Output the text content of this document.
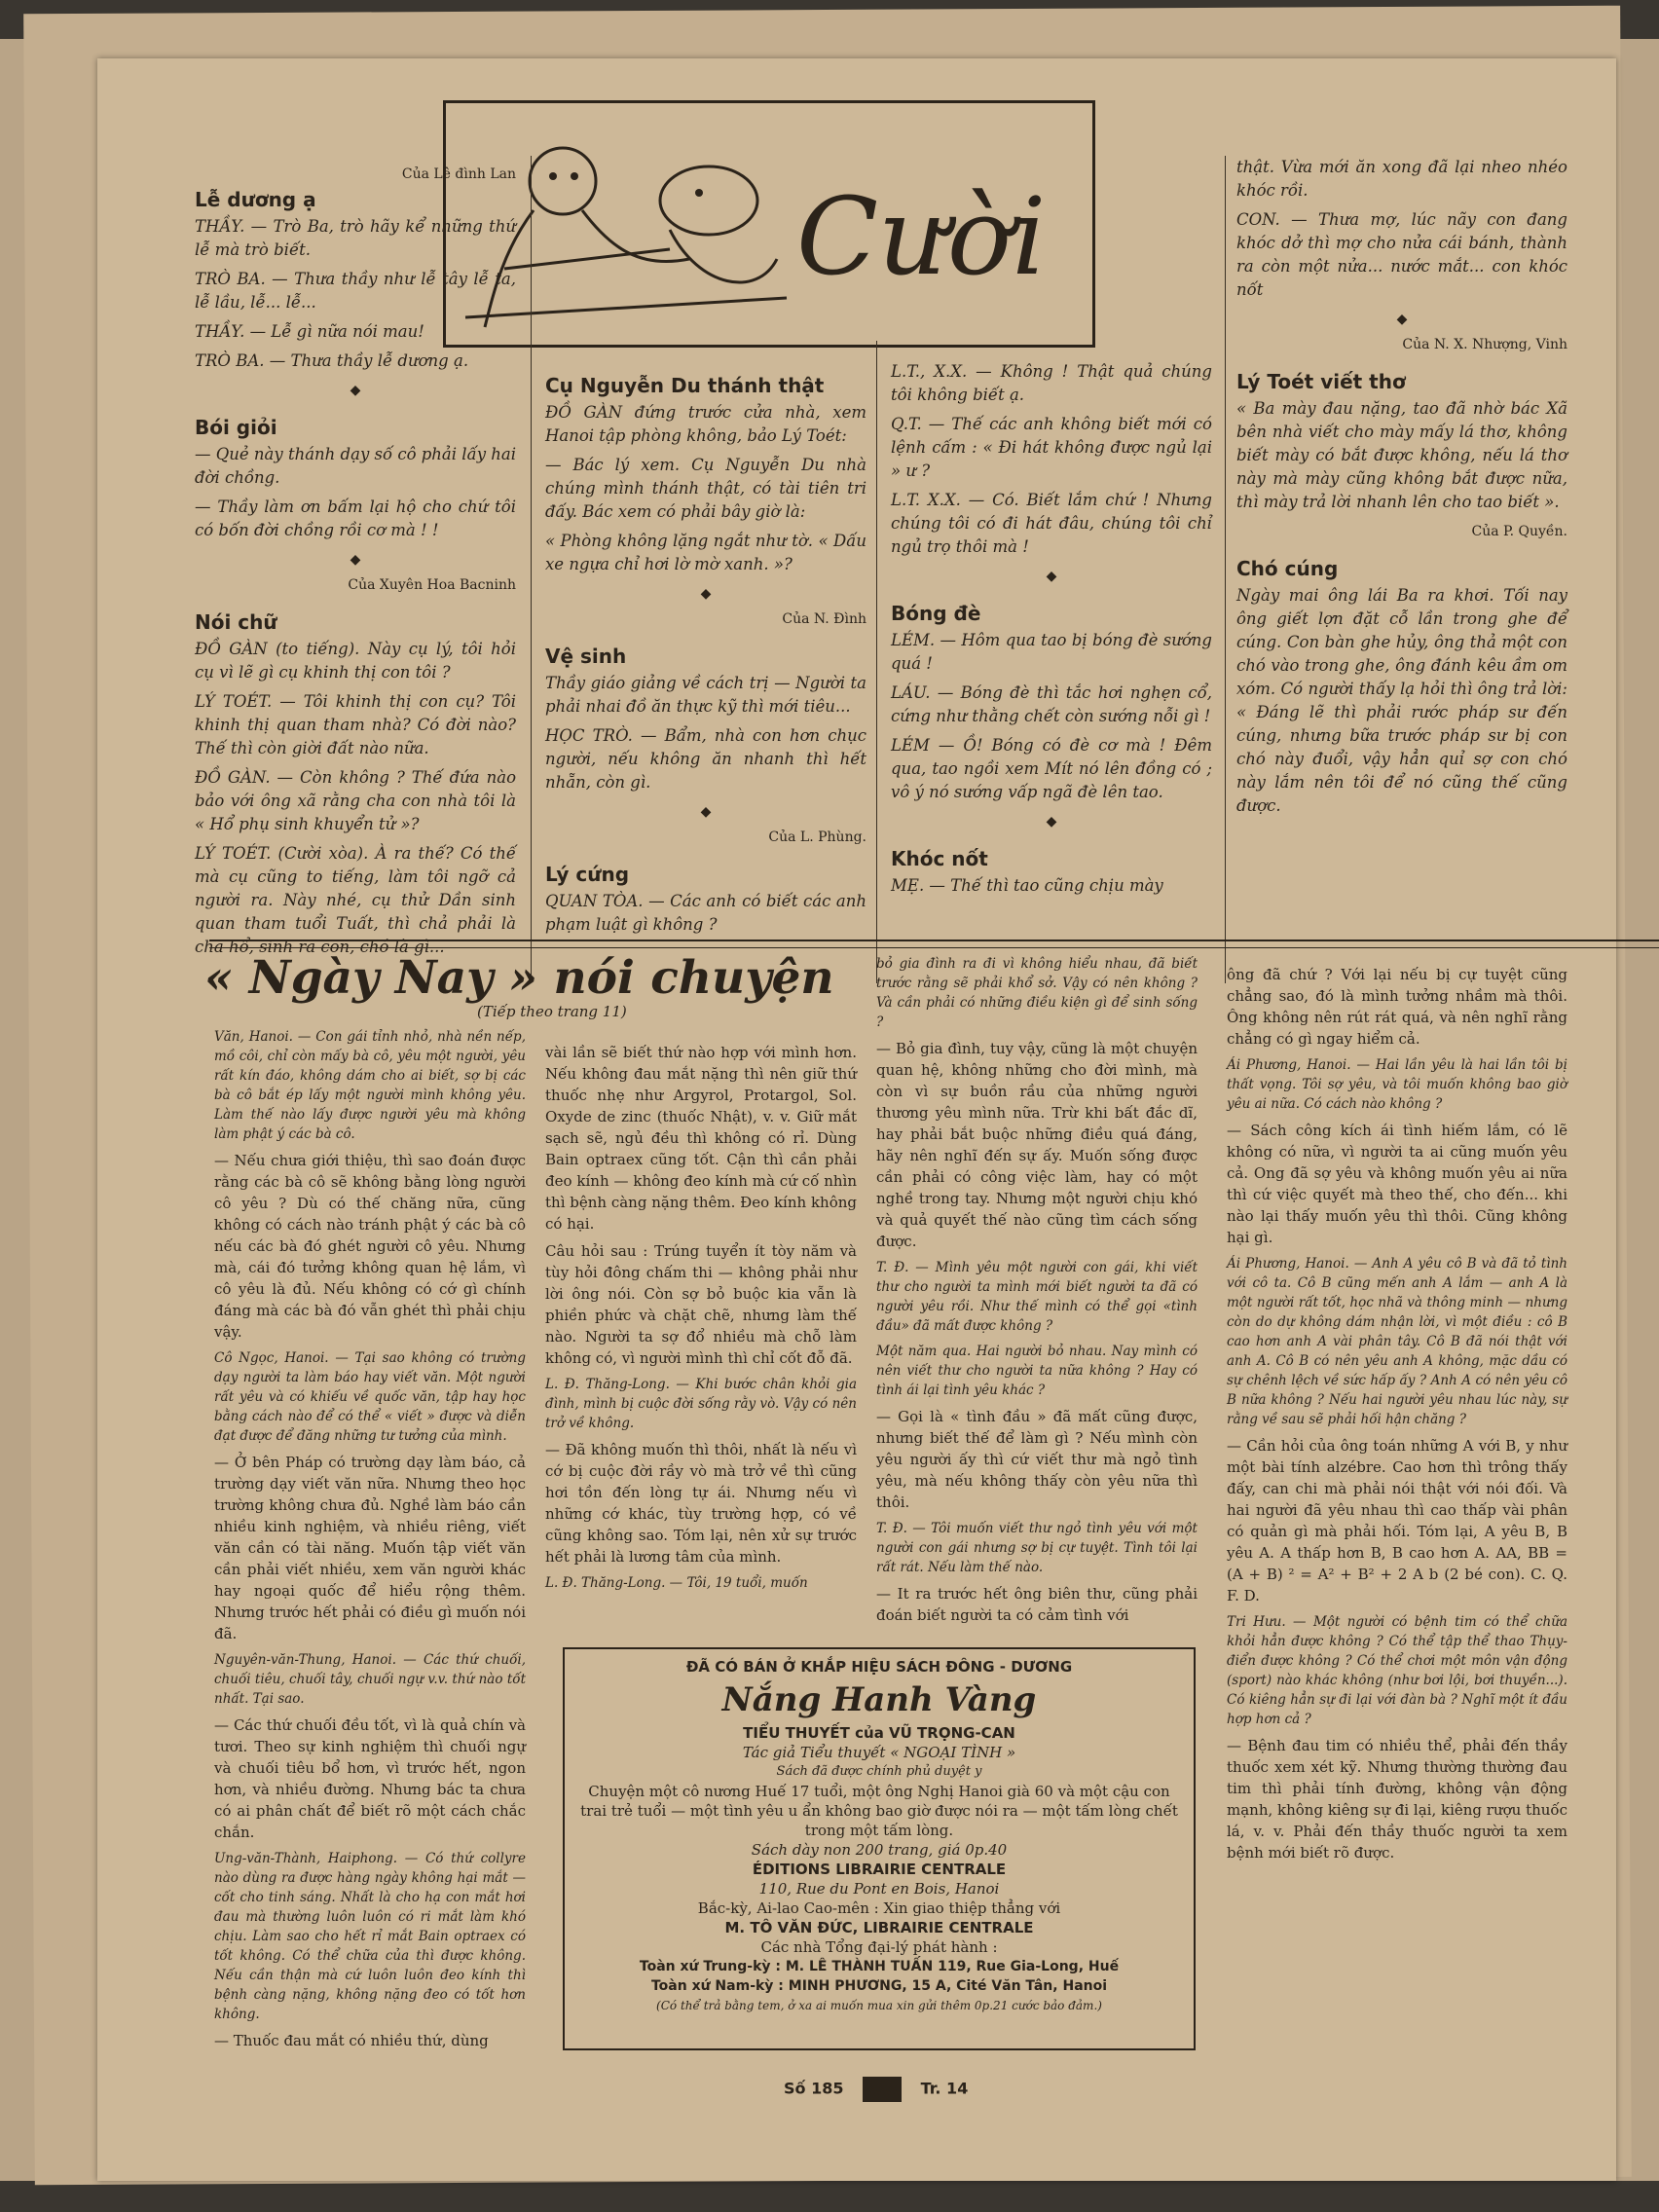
Của Lê đình Lan
Lễ dương ạ

THẦY. — Trò Ba, trò hãy kể những thứ lễ mà trò biết.

TRÒ BA. — Thưa thầy như lễ tây lễ ta, lễ lầu, lễ... lễ...

THẦY. — Lễ gì nữa nói mau!

TRÒ BA. — Thưa thầy lễ dương ạ.

◆
Bói giỏi

— Quẻ này thánh dạy số cô phải lấy hai đời chồng.

— Thầy làm ơn bấm lại hộ cho chứ tôi có bốn đời chồng rồi cơ mà ! !

◆
Của Xuyên Hoa Bacninh
Nói chữ

ĐỒ GÀN (to tiếng). Này cụ lý, tôi hỏi cụ vì lẽ gì cụ khinh thị con tôi ?

LÝ TOÉT. — Tôi khinh thị con cụ? Tôi khinh thị quan tham nhà? Có đời nào? Thế thì còn giời đất nào nữa.

ĐỒ GÀN. — Còn không ? Thế đứa nào bảo với ông xã rằng cha con nhà tôi là « Hổ phụ sinh khuyển tử »?

LÝ TOÉT. (Cười xòa). À ra thế? Có thế mà cụ cũng to tiếng, làm tôi ngỡ cả người ra. Này nhé, cụ thử Dần sinh quan tham tuổi Tuất, thì chả phải là cha hổ, sinh ra con, chó là gì...

Cười
Cụ Nguyễn Du thánh thật

ĐỒ GÀN đứng trước cửa nhà, xem Hanoi tập phòng không, bảo Lý Toét:

— Bác lý xem. Cụ Nguyễn Du nhà chúng mình thánh thật, có tài tiên tri đấy. Bác xem có phải bây giờ là:

« Phòng không lặng ngắt như tờ. « Dấu xe ngựa chỉ hơi lờ mờ xanh. »?

◆
Của N. Đình
Vệ sinh

Thầy giáo giảng về cách trị — Người ta phải nhai đồ ăn thực kỹ thì mới tiêu...

HỌC TRÒ. — Bẩm, nhà con hơn chục người, nếu không ăn nhanh thì hết nhẵn, còn gì.

◆
Của L. Phùng.
Lý cứng

QUAN TÒA. — Các anh có biết các anh phạm luật gì không ?

L.T., X.X. — Không ! Thật quả chúng tôi không biết ạ.

Q.T. — Thế các anh không biết mới có lệnh cấm : « Đi hát không được ngủ lại » ư ?

L.T. X.X. — Có. Biết lắm chứ ! Nhưng chúng tôi có đi hát đâu, chúng tôi chỉ ngủ trọ thôi mà !

◆
Bóng đè

LÉM. — Hôm qua tao bị bóng đè sướng quá !

LÁU. — Bóng đè thì tắc hơi nghẹn cổ, cứng như thằng chết còn sướng nỗi gì !

LÉM — Ồ! Bóng có đè cơ mà ! Đêm qua, tao ngồi xem Mít nó lên đồng có ; vô ý nó sướng vấp ngã đè lên tao.

◆
Khóc nốt

MẸ. — Thế thì tao cũng chịu mày

thật. Vừa mới ăn xong đã lại nheo nhéo khóc rồi.

CON. — Thưa mợ, lúc nãy con đang khóc dở thì mợ cho nửa cái bánh, thành ra còn một nửa... nước mắt... con khóc nốt

◆
Của N. X. Nhượng, Vinh
Lý Toét viết thơ

« Ba mày đau nặng, tao đã nhờ bác Xã bên nhà viết cho mày mấy lá thơ, không biết mày có bắt được không, nếu lá thơ này mà mày cũng không bắt được nữa, thì mày trả lời nhanh lên cho tao biết ».

Của P. Quyền.
Chó cúng

Ngày mai ông lái Ba ra khơi. Tối nay ông giết lợn đặt cỗ lần trong ghe để cúng. Con bàn ghe hủy, ông thả một con chó vào trong ghe, ông đánh kêu ầm om xóm. Có người thấy lạ hỏi thì ông trả lời: « Đáng lẽ thì phải rước pháp sư đến cúng, nhưng bữa trước pháp sư bị con chó này đuổi, vậy hẳn quỉ sợ con chó này lắm nên tôi để nó cũng thế cũng được.

« Ngày Nay » nói chuyện
(Tiếp theo trang 11)

Văn, Hanoi. — Con gái tỉnh nhỏ, nhà nền nếp, mồ côi, chỉ còn mấy bà cô, yêu một người, yêu rất kín đáo, không dám cho ai biết, sợ bị các bà cô bắt ép lấy một người mình không yêu. Làm thế nào lấy được người yêu mà không làm phật ý các bà cô.

— Nếu chưa giới thiệu, thì sao đoán được rằng các bà cô sẽ không bằng lòng người cô yêu ? Dù có thế chăng nữa, cũng không có cách nào tránh phật ý các bà cô nếu các bà đó ghét người cô yêu. Nhưng mà, cái đó tưởng không quan hệ lắm, vì cô yêu là đủ. Nếu không có cớ gì chính đáng mà các bà đó vẫn ghét thì phải chịu vậy.

Cô Ngọc, Hanoi. — Tại sao không có trường dạy người ta làm báo hay viết văn. Một người rất yêu và có khiếu về quốc văn, tập hay học bằng cách nào để có thể « viết » được và diễn đạt được để đăng những tư tưởng của mình.

— Ở bên Pháp có trường dạy làm báo, cả trường dạy viết văn nữa. Nhưng theo học trường không chưa đủ. Nghề làm báo cần nhiều kinh nghiệm, và nhiều riêng, viết văn cần có tài năng. Muốn tập viết văn cần phải viết nhiều, xem văn người khác hay ngoại quốc để hiểu rộng thêm. Nhưng trước hết phải có điều gì muốn nói đã.

Nguyên-văn-Thung, Hanoi. — Các thứ chuối, chuối tiêu, chuối tây, chuối ngự v.v. thứ nào tốt nhất. Tại sao.

— Các thứ chuối đều tốt, vì là quả chín và tươi. Theo sự kinh nghiệm thì chuối ngự và chuối tiêu bổ hơn, vì trước hết, ngon hơn, và nhiều đường. Nhưng bác ta chưa có ai phân chất để biết rõ một cách chắc chắn.

Ung-văn-Thành, Haiphong. — Có thứ collyre nào dùng ra được hàng ngày không hại mắt — cốt cho tinh sáng. Nhất là cho hạ con mắt hơi đau mà thường luôn luôn có ri mắt làm khó chịu. Làm sao cho hết rỉ mắt Bain optraex có tốt không. Có thể chữa của thì được không. Nếu cần thận mà cứ luôn luôn đeo kính thì bệnh càng nặng, không nặng đeo có tốt hơn không.

— Thuốc đau mắt có nhiều thứ, dùng

vài lần sẽ biết thứ nào hợp với mình hơn. Nếu không đau mắt nặng thì nên giữ thứ thuốc nhẹ như Argyrol, Protargol, Sol. Oxyde de zinc (thuốc Nhật), v. v. Giữ mắt sạch sẽ, ngủ đều thì không có rỉ. Dùng Bain optraex cũng tốt. Cận thì cần phải đeo kính — không đeo kính mà cứ cố nhìn thì bệnh càng nặng thêm. Đeo kính không có hại.

Câu hỏi sau : Trúng tuyển ít tòy năm và tùy hỏi đông chấm thi — không phải như lời ông nói. Còn sợ bỏ buộc kia vẫn là phiền phức và chặt chẽ, nhưng làm thế nào. Người ta sợ đổ nhiều mà chỗ làm không có, vì người mình thì chỉ cốt đỗ đã.

L. Đ. Thăng-Long. — Khi bước chân khỏi gia đình, mình bị cuộc đời sống rằy vò. Vậy có nên trở về không.

— Đã không muốn thì thôi, nhất là nếu vì cớ bị cuộc đời rầy vò mà trở về thì cũng hơi tồn đến lòng tự ái. Nhưng nếu vì những cớ khác, tùy trường hợp, có về cũng không sao. Tóm lại, nên xử sự trước hết phải là lương tâm của mình.

L. Đ. Thăng-Long. — Tôi, 19 tuổi, muốn

bỏ gia đình ra đi vì không hiểu nhau, đã biết trước rằng sẽ phải khổ sở. Vậy có nên không ? Và cần phải có những điều kiện gì để sinh sống ?

— Bỏ gia đình, tuy vậy, cũng là một chuyện quan hệ, không những cho đời mình, mà còn vì sự buồn rầu của những người thương yêu mình nữa. Trừ khi bất đắc dĩ, hay phải bắt buộc những điều quá đáng, hãy nên nghĩ đến sự ấy. Muốn sống được cần phải có công việc làm, hay có một nghề trong tay. Nhưng một người chịu khó và quả quyết thế nào cũng tìm cách sống được.

T. Đ. — Mình yêu một người con gái, khi viết thư cho người ta mình mới biết người ta đã có người yêu rồi. Như thế mình có thể gọi «tình đầu» đã mất được không ?

Một năm qua. Hai người bỏ nhau. Nay mình có nên viết thư cho người ta nữa không ? Hay có tình ái lại tình yêu khác ?

— Gọi là « tình đầu » đã mất cũng được, nhưng biết thế để làm gì ? Nếu mình còn yêu người ấy thì cứ viết thư mà ngỏ tình yêu, mà nếu không thấy còn yêu nữa thì thôi.

T. Đ. — Tôi muốn viết thư ngỏ tình yêu với một người con gái nhưng sợ bị cự tuyệt. Tình tôi lại rất rát. Nếu làm thế nào.

— It ra trước hết ông biên thư, cũng phải đoán biết người ta có cảm tình với

ông đã chứ ? Với lại nếu bị cự tuyệt cũng chẳng sao, đó là mình tưởng nhầm mà thôi. Ông không nên rút rát quá, và nên nghĩ rằng chẳng có gì ngay hiểm cả.

Ái Phương, Hanoi. — Hai lần yêu là hai lần tôi bị thất vọng. Tôi sợ yêu, và tôi muốn không bao giờ yêu ai nữa. Có cách nào không ?

— Sách công kích ái tình hiếm lắm, có lẽ không có nữa, vì người ta ai cũng muốn yêu cả. Ong đã sợ yêu và không muốn yêu ai nữa thì cứ việc quyết mà theo thế, cho đến... khi nào lại thấy muốn yêu thì thôi. Cũng không hại gì.

Ái Phương, Hanoi. — Anh A yêu cô B và đã tỏ tình với cô ta. Cô B cũng mến anh A lắm — anh A là một người rất tốt, học nhã và thông minh — nhưng còn do dự không dám nhận lời, vì một điều : cô B cao hơn anh A vài phân tây. Cô B đã nói thật với anh A. Cô B có nên yêu anh A không, mặc dầu có sự chênh lệch về sức hấp ấy ? Anh A có nên yêu cô B nữa không ? Nếu hai người yêu nhau lúc này, sự rằng về sau sẽ phải hối hận chăng ?

— Cần hỏi của ông toán những A với B, y như một bài tính alzébre. Cao hơn thì trông thấy đấy, can chi mà phải nói thật với nói đối. Và hai người đã yêu nhau thì cao thấp vài phân có quản gì mà phải hối. Tóm lại, A yêu B, B yêu A. A thấp hơn B, B cao hơn A. AA, BB = (A + B) ² = A² + B² + 2 A b (2 bé con). C. Q. F. D.

Tri Hưu. — Một người có bệnh tim có thể chữa khỏi hẳn được không ? Có thể tập thể thao Thụy-điển được không ? Có thể chơi một môn vận động (sport) nào khác không (như bơi lội, bơi thuyền...). Có kiêng hẳn sự đi lại với đàn bà ? Nghĩ một ít đầu hợp hơn cả ?

— Bệnh đau tim có nhiều thể, phải đến thầy thuốc xem xét kỹ. Nhưng thường thường đau tim thì phải tính đường, không vận động mạnh, không kiêng sự đi lại, kiêng rượu thuốc lá, v. v. Phải đến thầy thuốc người ta xem bệnh mới biết rõ được.

ĐÃ CÓ BÁN Ở KHẮP HIỆU SÁCH ĐÔNG - DƯƠNG
Nắng Hanh Vàng
TIỂU THUYẾT của VŨ TRỌNG-CAN
Tác giả Tiểu thuyết « NGOẠI TÌNH »
Sách đã được chính phủ duyệt y
Chuyện một cô nương Huế 17 tuổi, một ông Nghị Hanoi già 60 và một cậu con trai trẻ tuổi — một tình yêu u ẩn không bao giờ được nói ra — một tấm lòng chết trong một tấm lòng.
Sách dày non 200 trang, giá 0p.40
ÉDITIONS LIBRAIRIE CENTRALE
110, Rue du Pont en Bois, Hanoi
Bắc-kỳ, Ai-lao Cao-mên : Xin giao thiệp thẳng với
M. TÔ VĂN ĐỨC, LIBRAIRIE CENTRALE
Các nhà Tổng đại-lý phát hành :
Toàn xứ Trung-kỳ : M. LÊ THÀNH TUẤN 119, Rue Gia-Long, Huế
Toàn xứ Nam-kỳ : MINH PHƯƠNG, 15 A, Cité Văn Tân, Hanoi
(Có thể trả bằng tem, ở xa ai muốn mua xin gửi thêm 0p.21 cước bảo đảm.)
Số 185	Tr. 14
